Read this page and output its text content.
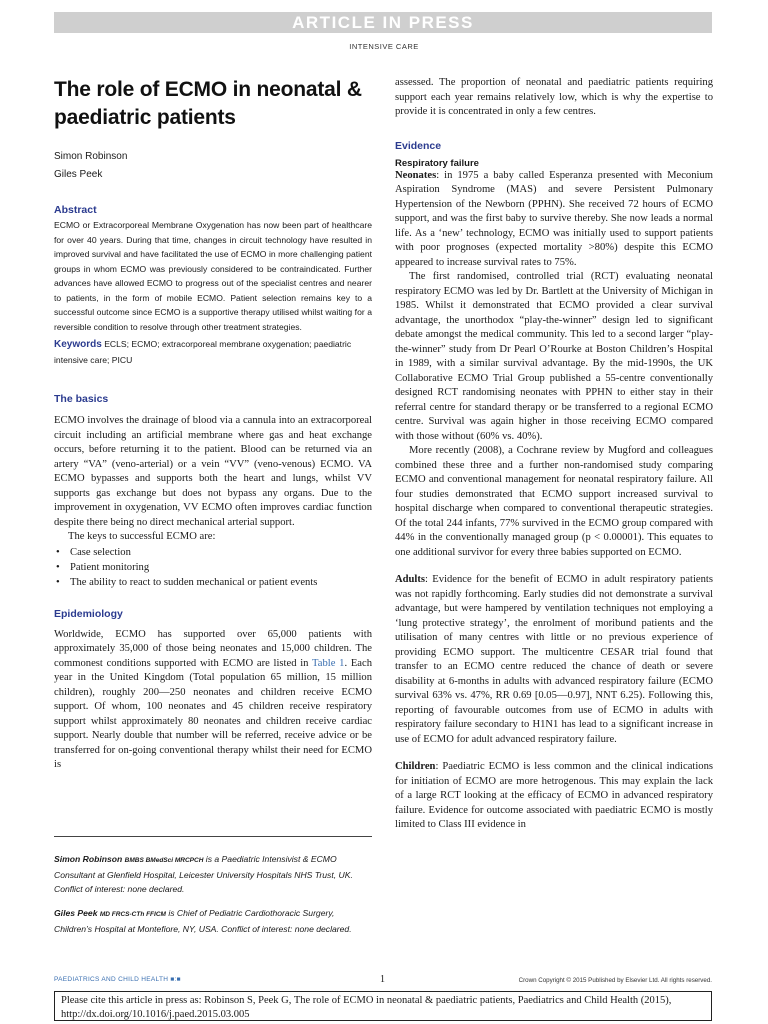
ARTICLE IN PRESS
INTENSIVE CARE
The role of ECMO in neonatal & paediatric patients
Simon Robinson
Giles Peek
Abstract

ECMO or Extracorporeal Membrane Oxygenation has now been part of healthcare for over 40 years. During that time, changes in circuit technology have resulted in improved survival and have facilitated the use of ECMO in more challenging patient groups in whom ECMO was previously considered to be contraindicated. Further advances have allowed ECMO to progress out of the specialist centres and nearer to patients, in the form of mobile ECMO. Patient selection remains key to a successful outcome since ECMO is a supportive therapy utilised whilst waiting for a reversible condition to resolve through other treatment strategies.

Keywords ECLS; ECMO; extracorporeal membrane oxygenation; paediatric intensive care; PICU

The basics

ECMO involves the drainage of blood via a cannula into an extracorporeal circuit including an artificial membrane where gas and heat exchange occurs, before returning it to the patient. Blood can be returned via an artery “VA” (veno-arterial) or a vein “VV” (veno-venous) ECMO. VA ECMO bypasses and supports both the heart and lungs, whilst VV supports gas exchange but does not bypass any organs. Due to the improvement in oxygenation, VV ECMO often improves cardiac function despite there being no direct mechanical arterial support.

The keys to successful ECMO are:

• Case selection
• Patient monitoring
• The ability to react to sudden mechanical or patient events
Epidemiology

Worldwide, ECMO has supported over 65,000 patients with approximately 35,000 of those being neonates and 15,000 children. The commonest conditions supported with ECMO are listed in Table 1. Each year in the United Kingdom (Total population 65 million, 15 million children), roughly 200—250 neonates and children receive ECMO support. Of whom, 100 neonates and 45 children receive respiratory support whilst approximately 80 neonates and children receive cardiac support. Nearly double that number will be referred, receive advice or be transferred for on-going conventional therapy whilst their need for ECMO is

Simon Robinson BMBS BMedSci MRCPCH is a Paediatric Intensivist & ECMO Consultant at Glenfield Hospital, Leicester University Hospitals NHS Trust, UK. Conflict of interest: none declared.

Giles Peek MD FRCS-CTh FFICM is Chief of Pediatric Cardiothoracic Surgery, Children’s Hospital at Montefiore, NY, USA. Conflict of interest: none declared.

assessed. The proportion of neonatal and paediatric patients requiring support each year remains relatively low, which is why the expertise to provide it is concentrated in only a few centres.

Evidence
Respiratory failure

Neonates: in 1975 a baby called Esperanza presented with Meconium Aspiration Syndrome (MAS) and severe Persistent Pulmonary Hypertension of the Newborn (PPHN). She received 72 hours of ECMO support, and was the first baby to survive thereby. She now leads a normal life. As a ‘new’ technology, ECMO was initially used to support patients with poor prognoses (expected mortality >80%) despite this ECMO appeared to increase survival rates to 75%.

The first randomised, controlled trial (RCT) evaluating neonatal respiratory ECMO was led by Dr. Bartlett at the University of Michigan in 1985. Whilst it demonstrated that ECMO provided a clear survival advantage, the unorthodox “play-the-winner” design led to significant debate amongst the medical community. This led to a second larger “play-the-winner” study from Dr Pearl O’Rourke at Boston Children’s Hospital in 1989, with a similar survival advantage. By the mid-1990s, the UK Collaborative ECMO Trial Group published a 55-centre conventionally designed RCT randomising neonates with PPHN to either stay in their referral centre for standard therapy or be transferred to a regional ECMO centre. Survival was again higher in those receiving ECMO compared with those without (60% vs. 40%).

More recently (2008), a Cochrane review by Mugford and colleagues combined these three and a further non-randomised study comparing ECMO and conventional management for neonatal respiratory failure. All four studies demonstrated that ECMO support increased survival to hospital discharge when compared to conventional therapeutic strategies. Of the total 244 infants, 77% survived in the ECMO group compared with 44% in the conventionally managed group (p < 0.00001). This equates to one additional survivor for every three babies supported on ECMO.

Adults: Evidence for the benefit of ECMO in adult respiratory patients was not rapidly forthcoming. Early studies did not demonstrate a survival advantage, but were hampered by ventilation techniques not employing a ‘lung protective strategy’, the enrolment of moribund patients and the utilisation of many centres with little or no previous experience of providing ECMO support. The multicentre CESAR trial found that transfer to an ECMO centre reduced the chance of death or severe disability at 6-months in adults with advanced respiratory failure (ECMO survival 63% vs. 47%, RR 0.69 [0.05—0.97], NNT 6.25). Following this, reporting of favourable outcomes from use of ECMO in adults with respiratory failure secondary to H1N1 has lead to a significant increase in use of ECMO for adult advanced respiratory failure.

Children: Paediatric ECMO is less common and the clinical indications for initiation of ECMO are more hetrogenous. This may explain the lack of a large RCT looking at the efficacy of ECMO in advanced respiratory failure. Evidence for outcome associated with paediatric ECMO is mostly limited to Class III evidence in

PAEDIATRICS AND CHILD HEALTH ■:■	1	Crown Copyright © 2015 Published by Elsevier Ltd. All rights reserved.
Please cite this article in press as: Robinson S, Peek G, The role of ECMO in neonatal & paediatric patients, Paediatrics and Child Health (2015), http://dx.doi.org/10.1016/j.paed.2015.03.005
